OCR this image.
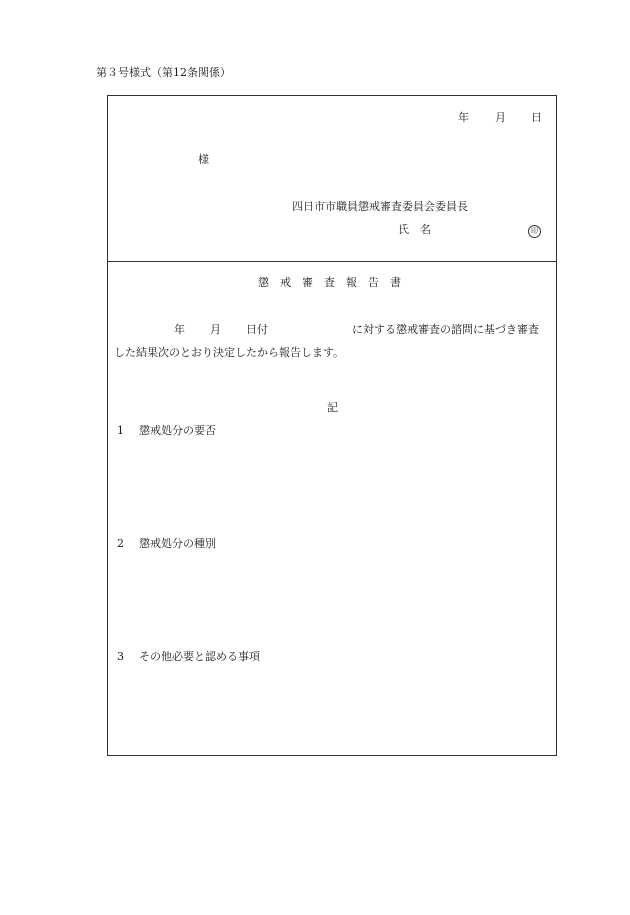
第３号様式（第12条関係）
年 月 日
様
四日市市職員懲戒審査委員会委員長
氏　名	印
懲　戒　審　査　報　告　書
年 月 日付	に対する懲戒審査の諮問に基づき審査
した結果次のとおり決定したから報告します。
記
1 懲戒処分の要否
2 懲戒処分の種別
3 その他必要と認める事項
